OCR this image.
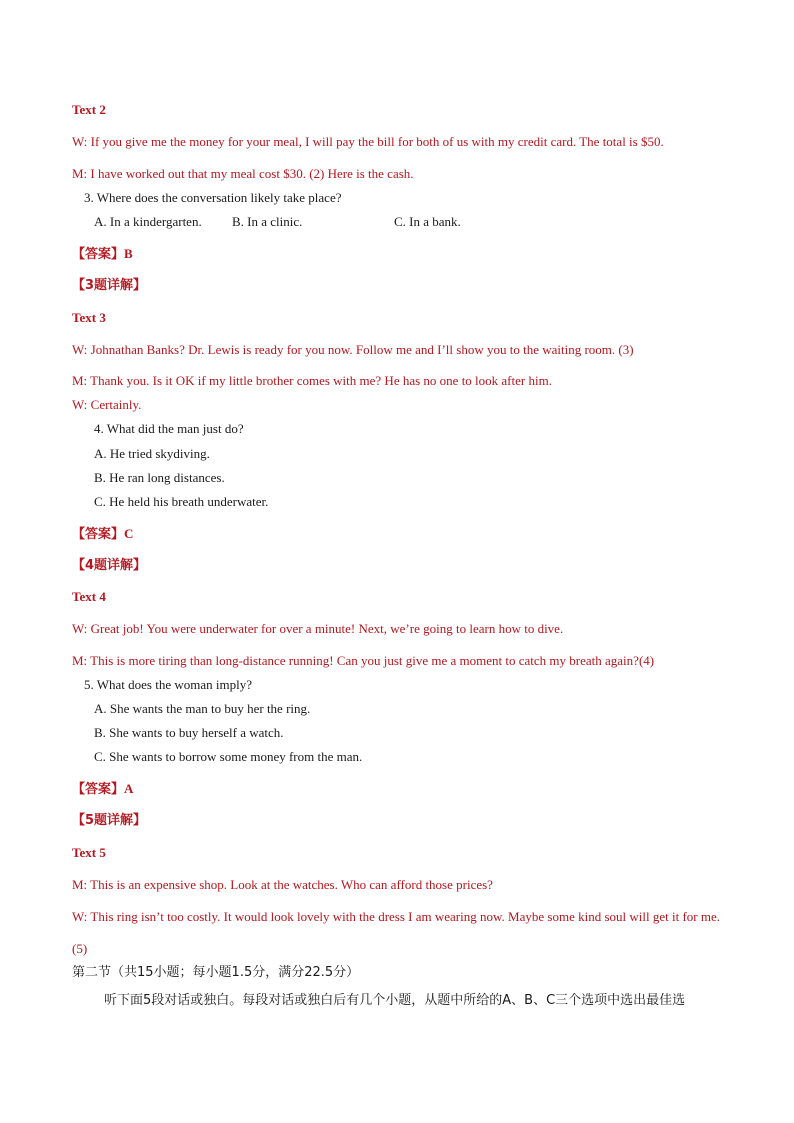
Text 2
W: If you give me the money for your meal, I will pay the bill for both of us with my credit card. The total is $50.
M: I have worked out that my meal cost $30. (2) Here is the cash.
3. Where does the conversation likely take place?
A. In a kindergarten. B. In a clinic.	C. In a bank.
【答案】B
【3题详解】
Text 3
W: Johnathan Banks? Dr. Lewis is ready for you now. Follow me and I’ll show you to the waiting room. (3)
M: Thank you. Is it OK if my little brother comes with me? He has no one to look after him.
W: Certainly.
4. What did the man just do?
A. He tried skydiving.
B. He ran long distances.
C. He held his breath underwater.
【答案】C
【4题详解】
Text 4
W: Great job! You were underwater for over a minute! Next, we’re going to learn how to dive.
M: This is more tiring than long-distance running! Can you just give me a moment to catch my breath again?(4)
5. What does the woman imply?
A. She wants the man to buy her the ring.
B. She wants to buy herself a watch.
C. She wants to borrow some money from the man.
【答案】A
【5题详解】
Text 5
M: This is an expensive shop. Look at the watches. Who can afford those prices?
W: This ring isn’t too costly. It would look lovely with the dress I am wearing now. Maybe some kind soul will get it for me.(5)
第二节（共15小题；每小题1.5分，满分22.5分）
听下面5段对话或独白。每段对话或独白后有几个小题，从题中所给的A、B、C三个选项中选出最佳选
